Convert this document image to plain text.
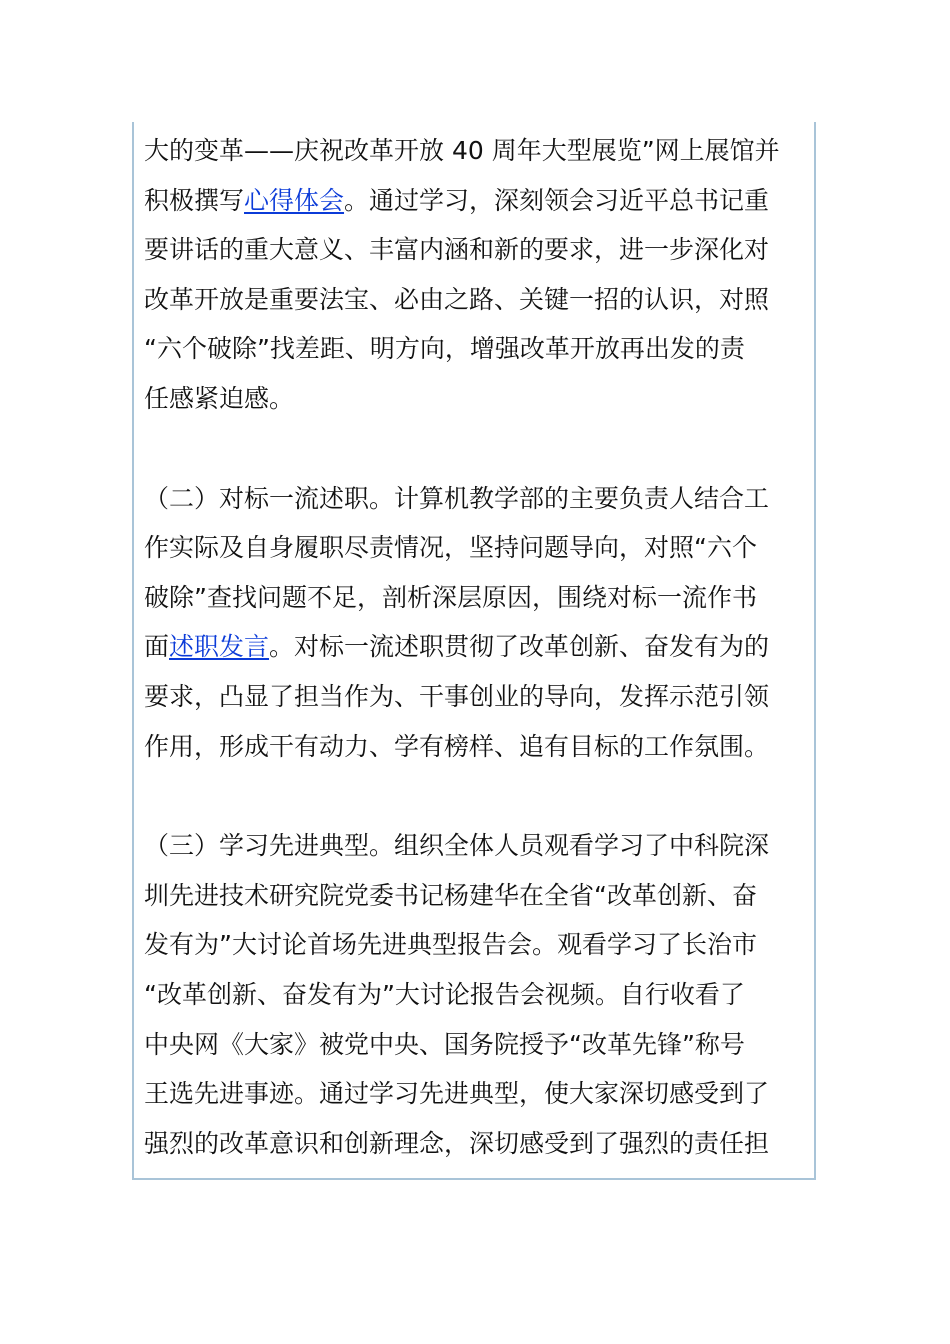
大的变革——庆祝改革开放 40 周年大型展览”网上展馆并
积极撰写心得体会。通过学习，深刻领会习近平总书记重
要讲话的重大意义、丰富内涵和新的要求，进一步深化对
改革开放是重要法宝、必由之路、关键一招的认识，对照
“六个破除”找差距、明方向，增强改革开放再出发的责
任感紧迫感。

（二）对标一流述职。计算机教学部的主要负责人结合工
作实际及自身履职尽责情况，坚持问题导向，对照“六个
破除”查找问题不足，剖析深层原因，围绕对标一流作书
面述职发言。对标一流述职贯彻了改革创新、奋发有为的
要求，凸显了担当作为、干事创业的导向，发挥示范引领
作用，形成干有动力、学有榜样、追有目标的工作氛围。

（三）学习先进典型。组织全体人员观看学习了中科院深
圳先进技术研究院党委书记杨建华在全省“改革创新、奋
发有为”大讨论首场先进典型报告会。观看学习了长治市
“改革创新、奋发有为”大讨论报告会视频。自行收看了
中央网《大家》被党中央、国务院授予“改革先锋”称号
王选先进事迹。通过学习先进典型，使大家深切感受到了
强烈的改革意识和创新理念，深切感受到了强烈的责任担
